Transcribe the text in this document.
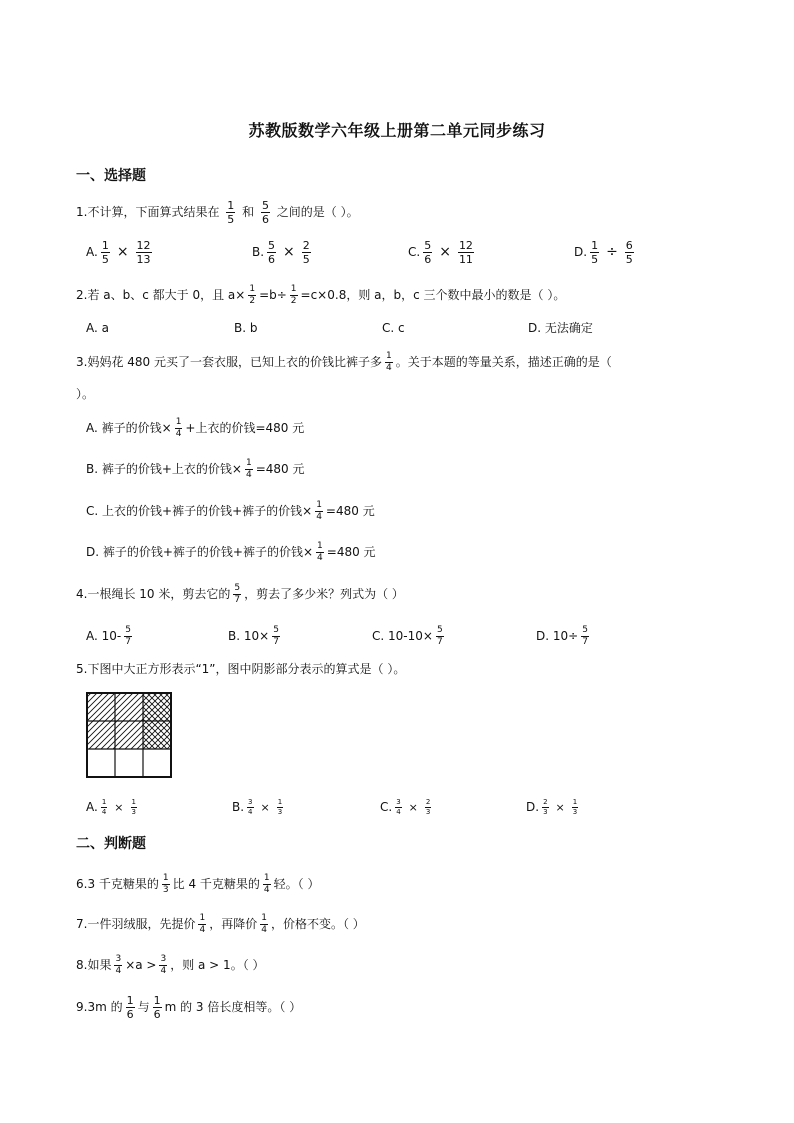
苏教版数学六年级上册第二单元同步练习
一、选择题
1.不计算，下面算式结果在 $\frac{1}{5}$ 和 $\frac{5}{6}$ 之间的是（ ）。
A. $\frac{1}{5} \times \frac{12}{13}$	B. $\frac{5}{6} \times \frac{2}{5}$	C. $\frac{5}{6} \times \frac{12}{11}$	D. $\frac{1}{5} \div \frac{6}{5}$
2.若 a、b、c 都大于 0，且 $a\times \frac{1}{2} =b\div \frac{1}{2} =c\times 0.8$，则 a，b，c 三个数中最小的数是（ ）。
A. a	B. b	C. c	D. 无法确定
3.妈妈花 480 元买了一套衣服，已知上衣的价钱比裤子多 $\frac{1}{4}$ 。关于本题的等量关系，描述正确的是（
）。
A. 裤子的价钱× $\frac{1}{4}$ +上衣的价钱=480 元
B. 裤子的价钱+上衣的价钱× $\frac{1}{4} =480$ 元
C. 上衣的价钱+裤子的价钱+裤子的价钱× $\frac{1}{4} =480$ 元
D. 裤子的价钱+裤子的价钱+裤子的价钱× $\frac{1}{4} =480$ 元
4.一根绳长 10 米，剪去它的 $\frac{5}{7}$ ，剪去了多少米？列式为（ ）
A. $10- \frac{5}{7}$	B. $10\times \frac{5}{7}$	C. $10-10\times \frac{5}{7}$	D. $10\div \frac{5}{7}$
5.下图中大正方形表示“1”，图中阴影部分表示的算式是（ ）。
A. $\frac{1}{4} \times \frac{1}{3}$	B. $\frac{3}{4} \times \frac{1}{3}$	C. $\frac{3}{4} \times \frac{2}{3}$	D. $\frac{2}{3} \times \frac{1}{3}$
二、判断题
6.3 千克糖果的 $\frac{1}{3}$ 比 4 千克糖果的 $\frac{1}{4}$ 轻。（ ）
7.一件羽绒服，先提价 $\frac{1}{4}$ ，再降价 $\frac{1}{4}$ ，价格不变。（ ）
8.如果 $\frac{3}{4} \times a > \frac{3}{4}$ ，则 a > 1。（ ）
9.3m 的 $\frac{1}{6}$ 与 $\frac{1}{6}$ m 的 3 倍长度相等。（ ）
